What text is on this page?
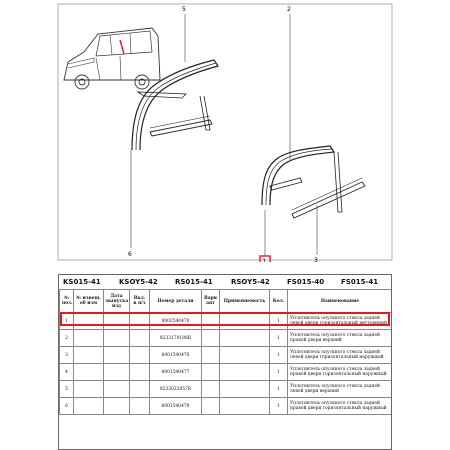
5	2
6
3
1
KS015-41	KSOY5-42 RS015-41	RSOY5-42 FS015-40 FS015-41
№ поз.	№ извещ. об изм	Дата выпуска изд	Вкл. в п/з	Номер детали	Вари ант	Применяемость	Кол.	Наименование
1				8002540470			1	Уплотнитель опускного стекла задней левой двери горизонтальный внутренний
2				8233170188R			1	Уплотнитель опускного стекла задней правой двери верхний
3				8001540476			1	Уплотнитель опускного стекла задней левой двери горизонтальный наружный
4				8001540477			1	Уплотнитель опускного стекла задней правой двери горизонтальный наружный
5				8233022857R			1	Уплотнитель опускного стекла задней левой двери верхний
6				8001540479			1	Уплотнитель опускного стекла задней правой двери горизонтальный наружный
